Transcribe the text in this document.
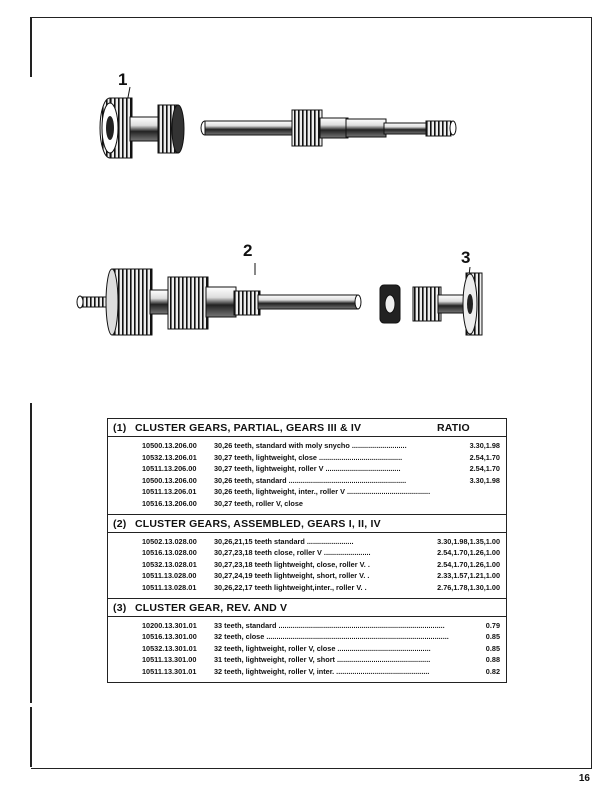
1
2	3
(1) CLUSTER GEARS, PARTIAL, GEARS III & IV	RATIO
10500.13.206.00	30,26 teeth, standard with moly snycho ...........................	3.30,1.98
10532.13.206.01	30,27 teeth, lightweight, close .........................................	2.54,1.70
10511.13.206.00	30,27 teeth, lightweight, roller V .....................................	2.54,1.70
10500.13.206.00	30,26 teeth, standard ..........................................................	3.30,1.98
10511.13.206.01	30,26 teeth, lightweight, inter., roller V .........................................
10516.13.206.00	30,27 teeth, roller V, close
(2) CLUSTER GEARS, ASSEMBLED, GEARS I, II, IV
10502.13.028.00	30,26,21,15 teeth standard .......................	3.30,1.98,1.35,1.00
10516.13.028.00	30,27,23,18 teeth close, roller V .......................	2.54,1.70,1.26,1.00
10532.13.028.01	30,27,23,18 teeth lightweight, close, roller V. .	2.54,1.70,1.26,1.00
10511.13.028.00	30,27,24,19 teeth lightweight, short, roller V. .	2.33,1.57,1.21,1.00
10511.13.028.01	30,26,22,17 teeth lightweight,inter., roller V. .	2.76,1.78,1.30,1.00
(3) CLUSTER GEAR, REV. AND V
10200.13.301.01	33 teeth, standard ..................................................................................	0.79
10516.13.301.00	32 teeth, close ..........................................................................................	0.85
10532.13.301.01	32 teeth, lightweight, roller V, close ..............................................	0.85
10511.13.301.00	31 teeth, lightweight, roller V, short ..............................................	0.88
10511.13.301.01	32 teeth, lightweight, roller V, inter. ..............................................	0.82
16
